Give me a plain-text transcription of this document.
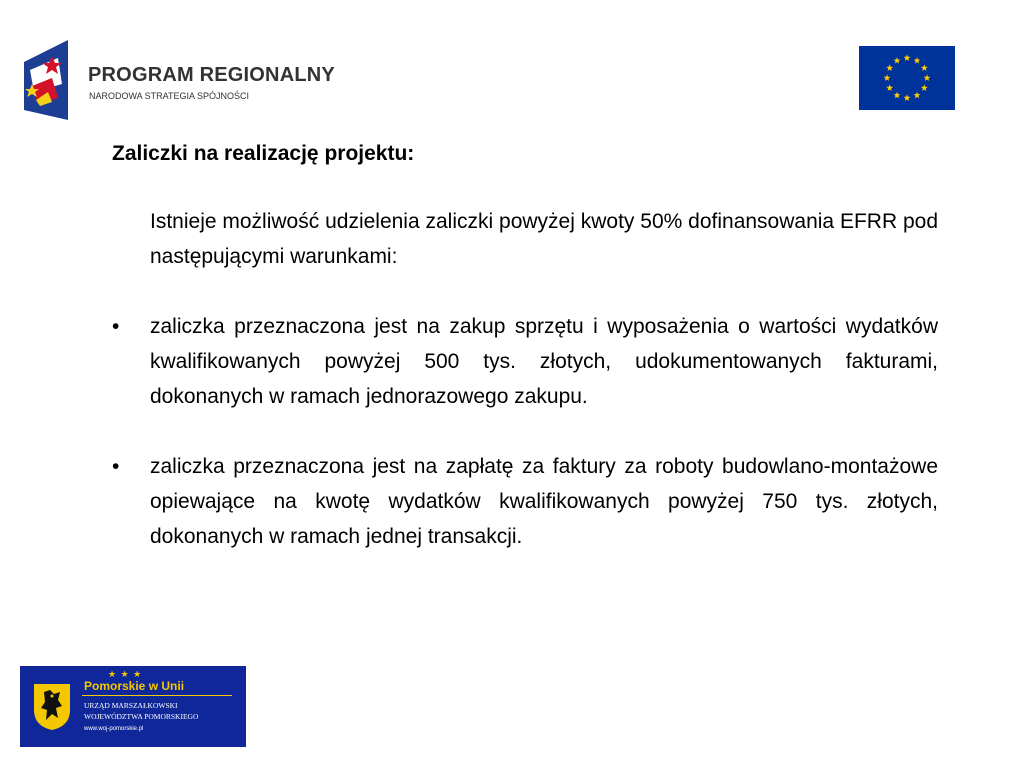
PROGRAM REGIONALNY
NARODOWA STRATEGIA SPÓJNOŚCI
Zaliczki na realizację projektu:

Istnieje możliwość udzielenia zaliczki powyżej kwoty 50% dofinansowania EFRR pod następującymi warunkami:

• zaliczka przeznaczona jest na zakup sprzętu i wyposażenia o wartości wydatków kwalifikowanych powyżej 500 tys. złotych, udokumentowanych fakturami, dokonanych w ramach jednorazowego zakupu.
• zaliczka przeznaczona jest na zapłatę za faktury za roboty budowlano-montażowe opiewające na kwotę wydatków kwalifikowanych powyżej 750 tys. złotych, dokonanych w ramach jednej transakcji.
★ ★ ★
Pomorskie w Unii
URZĄD MARSZAŁKOWSKI
WOJEWÓDZTWA POMORSKIEGO
www.woj-pomorskie.pl
